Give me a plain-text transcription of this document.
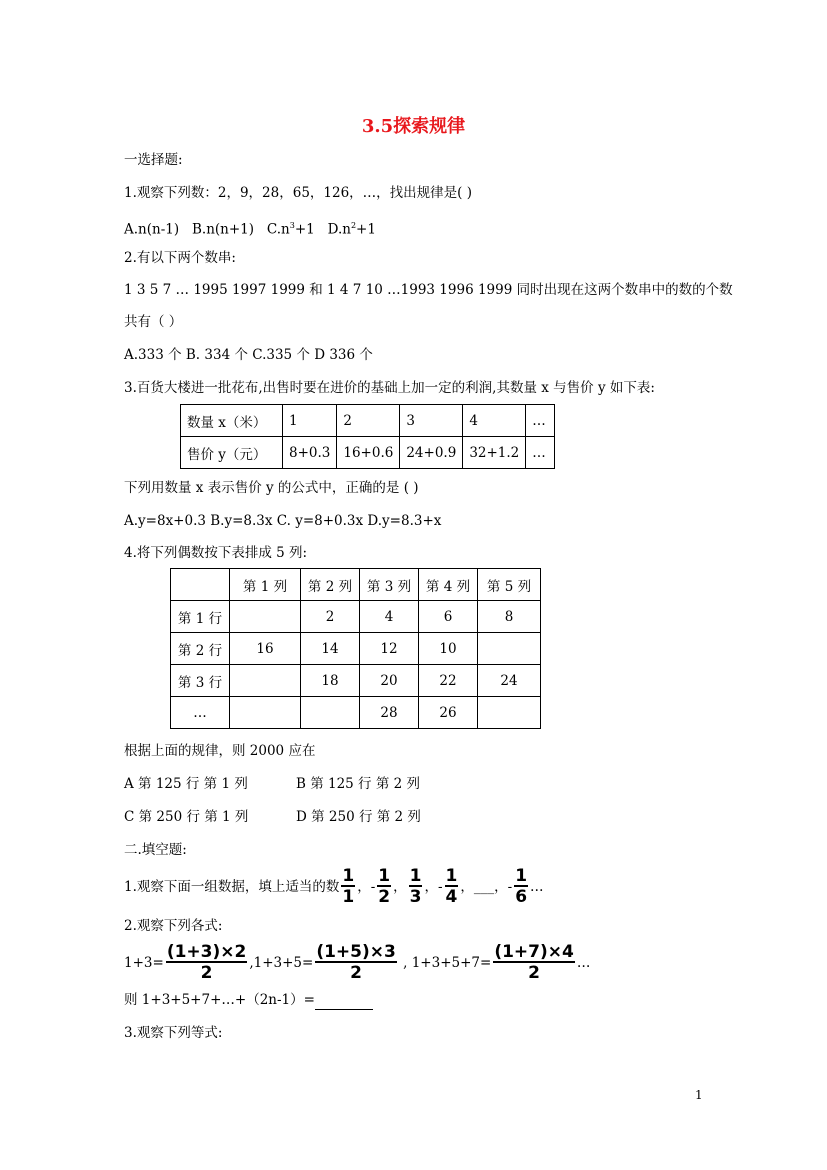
3.5探索规律
一选择题:
1.观察下列数：2，9，28，65，126，…，找出规律是( )
A.n(n-1)   B.n(n+1)   $C.n^3+1$   $D.n^2+1$
2.有以下两个数串:
1 3 5 7 … 1995 1997 1999 和 1 4 7 10 …1993 1996 1999 同时出现在这两个数串中的数的个数
共有（ ）
A.333 个 B. 334 个 C.335 个 D 336 个
3.百货大楼进一批花布,出售时要在进价的基础上加一定的利润,其数量 x 与售价 y 如下表:
数量 x（米）	1	2	3	4	…
售价 y（元）	8+0.3	16+0.6	24+0.9	32+1.2	…
下列用数量 x 表示售价 y 的公式中，正确的是 ( )
A.y=8x+0.3 B.y=8.3x C. y=8+0.3x D.y=8.3+x
4.将下列偶数按下表排成 5 列:
	第 1 列	第 2 列	第 3 列	第 4 列	第 5 列
第 1 行		2	4	6	8
第 2 行	16	14	12	10	
第 3 行		18	20	22	24
…			28	26	
根据上面的规律，则 2000 应在
A 第 125 行 第 1 列	B 第 125 行 第 2 列
C 第 250 行 第 1 列	D 第 250 行 第 2 列
二.填空题:
1.观察下面一组数据，填上适当的数 $\frac{1}{1}$ ， - $\frac{1}{2}$ ， $\frac{1}{3}$ ， - $\frac{1}{4}$ ， ___ ， - $\frac{1}{6}$ …
2.观察下列各式:
$1+3= \frac{(1+3)\times 2}{2}$ , $1+3+5= \frac{(1+5)\times 3}{2}$ , $1+3+5+7= \frac{(1+7)\times 4}{2}$ …
则 1+3+5+7+…+（2n-1）=
3.观察下列等式:
1
